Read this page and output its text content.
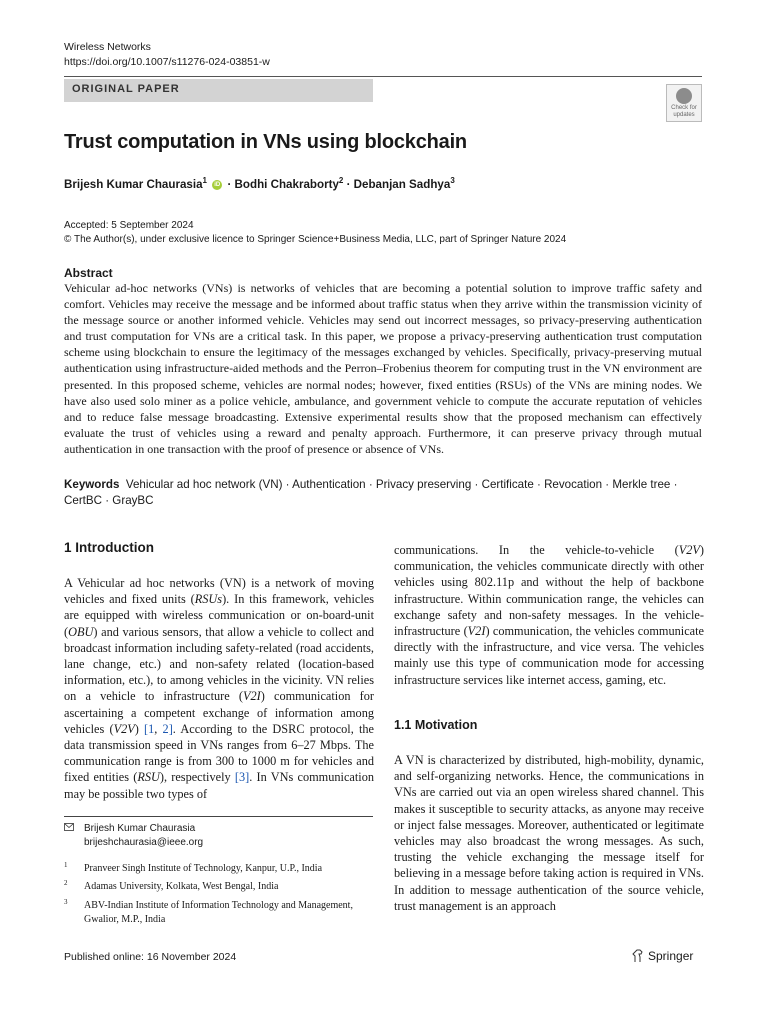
Wireless Networks
https://doi.org/10.1007/s11276-024-03851-w
ORIGINAL PAPER
Check for
updates
Trust computation in VNs using blockchain
Brijesh Kumar Chaurasia$^1$ iD · Bodhi Chakraborty$^2$ · Debanjan Sadhya$^3$
Accepted: 5 September 2024
© The Author(s), under exclusive licence to Springer Science+Business Media, LLC, part of Springer Nature 2024
Abstract
Vehicular ad-hoc networks (VNs) is networks of vehicles that are becoming a potential solution to improve traffic safety and comfort. Vehicles may receive the message and be informed about traffic status when they arrive within the transmission vicinity of the message source or another informed vehicle. Vehicles may send out incorrect messages, so privacy-preserving authentication and trust computation for VNs are a critical task. In this paper, we propose a privacy-preserving authentication trust computation scheme using blockchain to ensure the legitimacy of the messages exchanged by vehicles. Specifically, privacy-preserving mutual authentication using infrastructure-aided methods and the Perron–Frobenius theorem for computing trust in the VN environment are presented. In this proposed scheme, vehicles are normal nodes; however, fixed entities (RSUs) of the VNs are mining nodes. We have also used solo miner as a police vehicle, ambulance, and government vehicle to compute the accurate reputation of vehicles and to reduce false message broadcasting. Extensive experimental results show that the proposed mechanism can effectively evaluate the trust of vehicles using a reward and penalty approach. Furthermore, it can preserve privacy through mutual authentication in one transaction with the proof of presence or absence of VNs.
Keywords Vehicular ad hoc network (VN) · Authentication · Privacy preserving · Certificate · Revocation · Merkle tree · CertBC · GrayBC
1 Introduction
A Vehicular ad hoc networks (VN) is a network of moving vehicles and fixed units (RSUs). In this framework, vehicles are equipped with wireless communication or on-board-unit (OBU) and various sensors, that allow a vehicle to collect and broadcast information including safety-related (road accidents, lane change, etc.) and non-safety related (location-based information, etc.), to among vehicles in the vicinity. VN relies on a vehicle to infrastructure (V2I) communication for ascertaining a competent exchange of information among vehicles (V2V) [1, 2]. According to the DSRC protocol, the data transmission speed in VNs ranges from 6–27 Mbps. The communication range is from 300 to 1000 m for vehicles and fixed entities (RSU), respectively [3]. In VNs communication may be possible two types of
communications. In the vehicle-to-vehicle (V2V) communication, the vehicles communicate directly with other vehicles using 802.11p and without the help of backbone infrastructure. Within communication range, the vehicles can exchange safety and non-safety messages. In the vehicle-infrastructure (V2I) communication, the vehicles communicate directly with the infrastructure, and vice versa. The vehicles mainly use this type of communication mode for accessing infrastructure services like internet access, gaming, etc.
1.1 Motivation
A VN is characterized by distributed, high-mobility, dynamic, and self-organizing networks. Hence, the communications in VNs are carried out via an open wireless shared channel. This makes it susceptible to security attacks, as anyone may receive or inject false messages. Moreover, authenticated or legitimate vehicles may also broadcast the wrong messages. As such, trusting the vehicle exchanging the message itself for believing in a message before taking action is required in VNs. In addition to message authentication of the source vehicle, trust management is an approach
Brijesh Kumar Chaurasia
brijeshchaurasia@ieee.org
1 Pranveer Singh Institute of Technology, Kanpur, U.P., India
2 Adamas University, Kolkata, West Bengal, India
3 ABV-Indian Institute of Information Technology and Management, Gwalior, M.P., India
Published online: 16 November 2024	Springer
